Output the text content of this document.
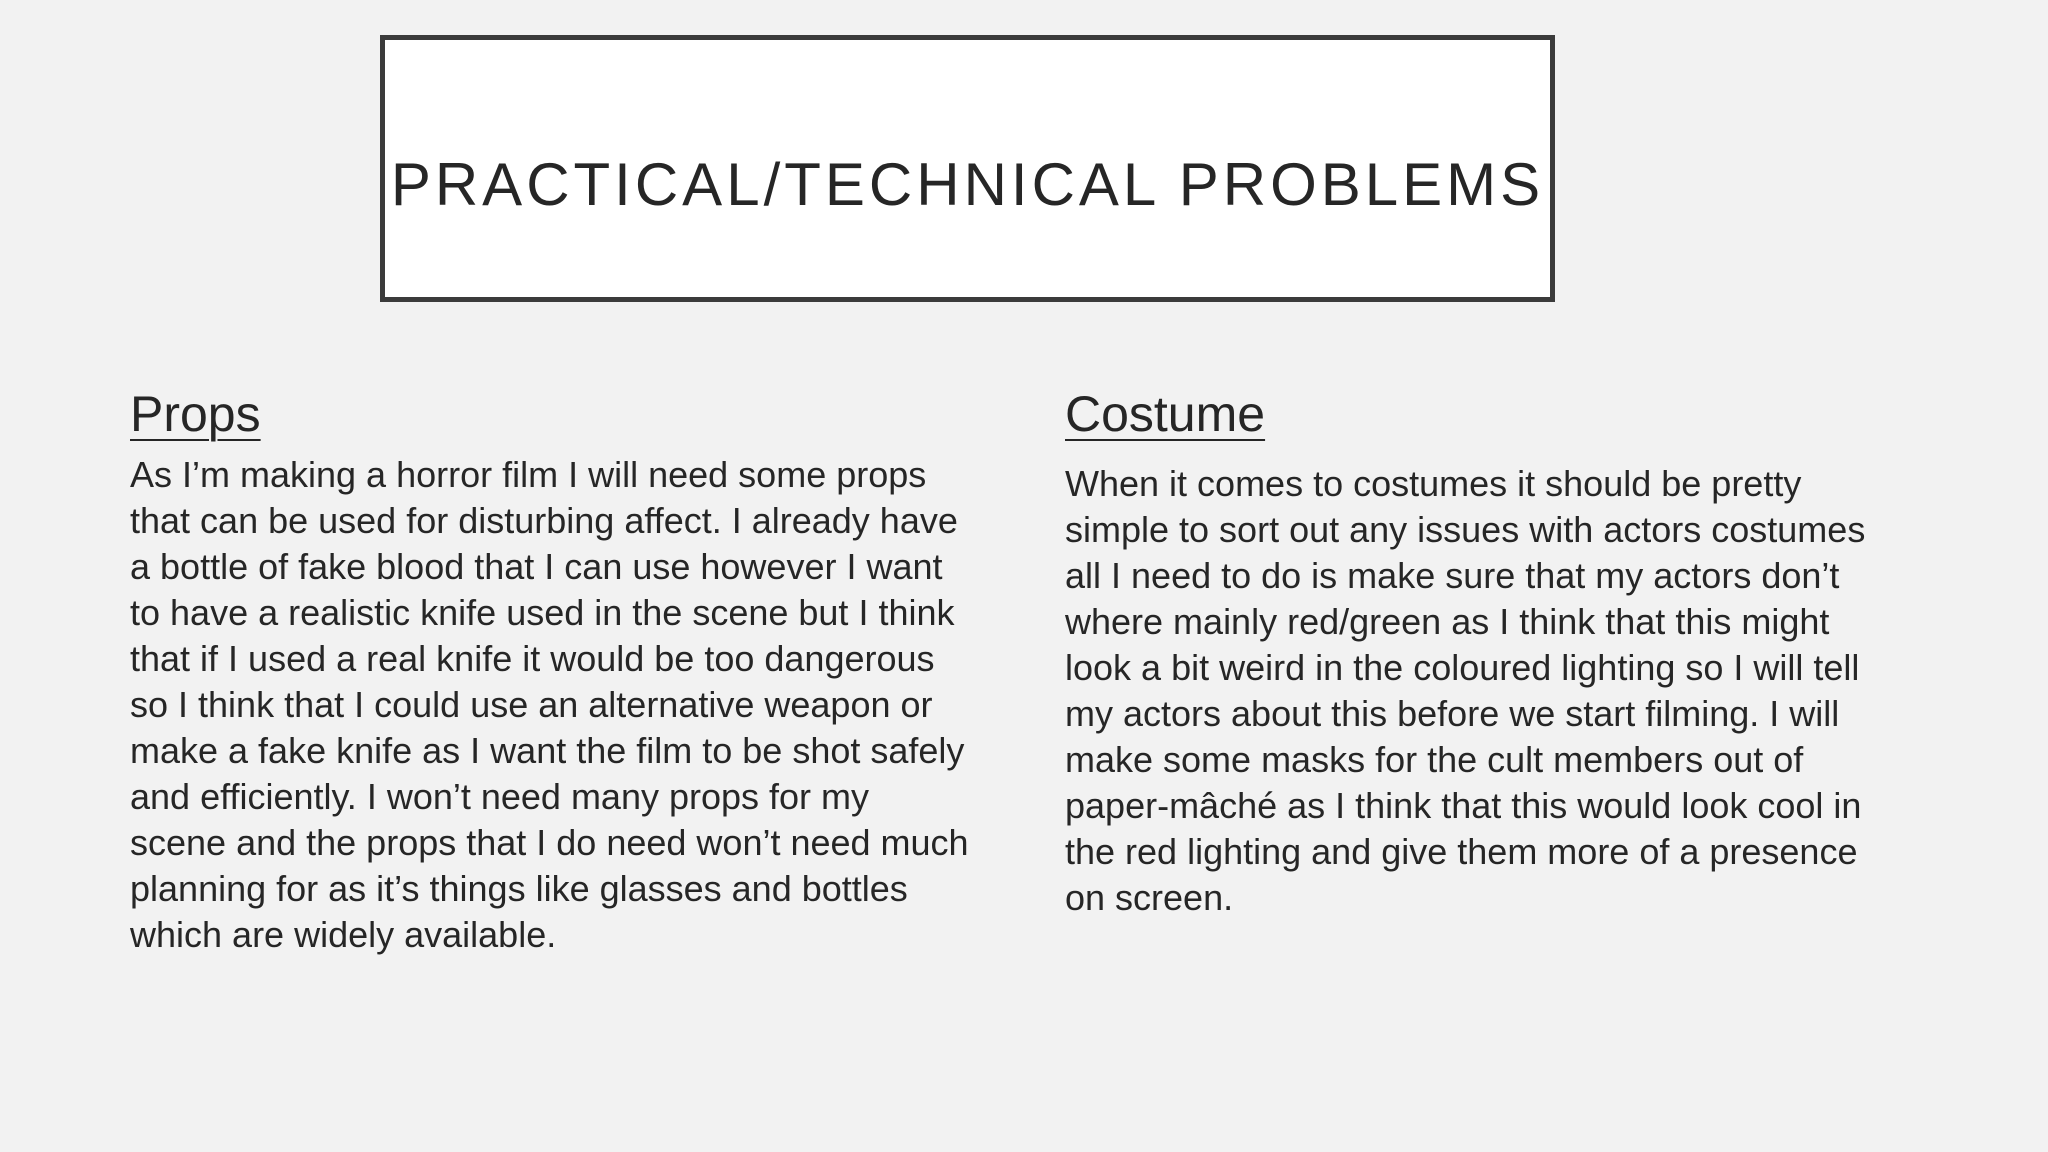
PRACTICAL/TECHNICAL PROBLEMS
Props

As I’m making a horror film I will need some props that can be used for disturbing affect. I already have a bottle of fake blood that I can use however I want to have a realistic knife used in the scene but I think that if I used a real knife it would be too dangerous so I think that I could use an alternative weapon or make a fake knife as I want the film to be shot safely and efficiently. I won’t need many props for my scene and the props that I do need won’t need much planning for as it’s things like glasses and bottles which are widely available.

Costume

When it comes to costumes it should be pretty simple to sort out any issues with actors costumes all I need to do is make sure that my actors don’t where mainly red/green as I think that this might look a bit weird in the coloured lighting so I will tell my actors about this before we start filming. I will make some masks for the cult members out of paper-mâché as I think that this would look cool in the red lighting and give them more of a presence on screen.
